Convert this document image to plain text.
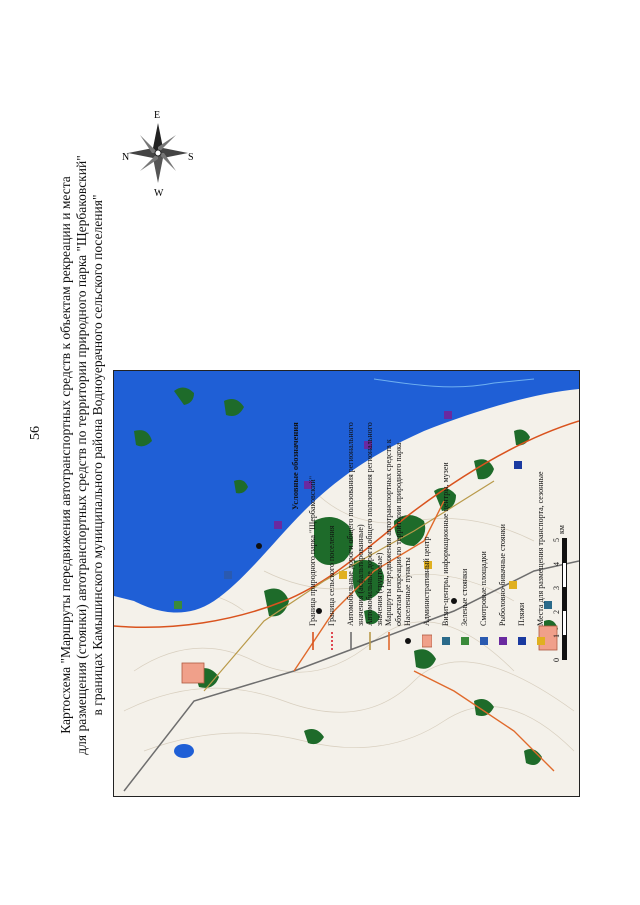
56 Картосхема "Маршруты передвижения автотранспортных средств к объектам рекреации и места для размещения (стоянки) автотранспортных средств по территории природного парка "Щербаковский" в границах Камышинского муниципального района Водноуерачного сельского поселения"
N	S
E
W
Условные обозначения
Граница природного парка "Щербаковский" Граница сельского поселения Автомобильные дороги общего пользования регионального значения (асфальтированные) Автомобильные дороги общего пользования регионального значения (грунтовые) Маршруты передвижения автотранспортных средств к объектам рекреации по территории природного парка Населенные пункты Административный центр Визит-центры, информационные центры, музеи Зеленые стоянки Смотровые площадки Рыболовно-бивачные стоянки Пляжи Места для размещения транспорта, сезонные
0
1
2
3
4
5
км
